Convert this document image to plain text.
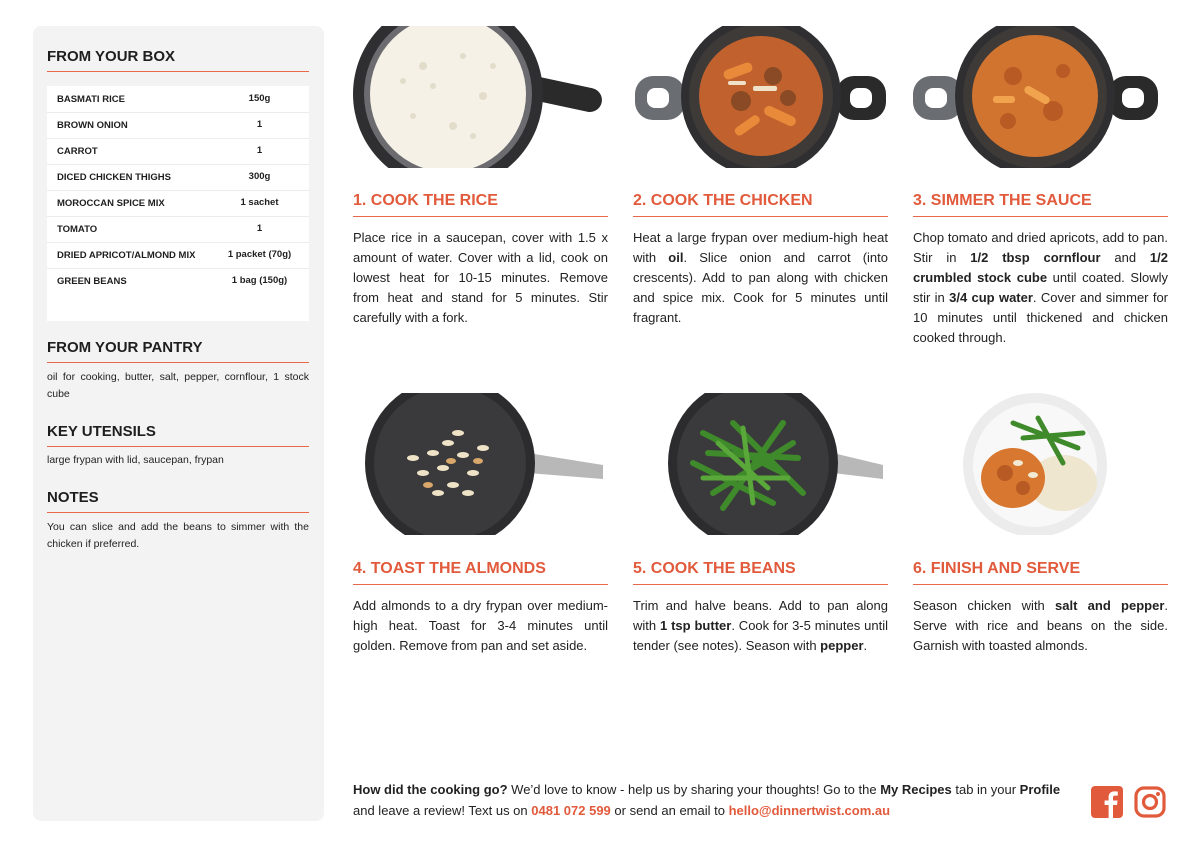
FROM YOUR BOX
BASMATI RICE	150g
BROWN ONION	1
CARROT	1
DICED CHICKEN THIGHS	300g
MOROCCAN SPICE MIX	1 sachet
TOMATO	1
DRIED APRICOT/ALMOND MIX	1 packet (70g)
GREEN BEANS	1 bag (150g)
FROM YOUR PANTRY
oil for cooking, butter, salt, pepper, cornflour, 1 stock cube
KEY UTENSILS
large frypan with lid, saucepan, frypan
NOTES
You can slice and add the beans to simmer with the chicken if preferred.
1. COOK THE RICE
Place rice in a saucepan, cover with 1.5 x amount of water. Cover with a lid, cook on lowest heat for 10-15 minutes. Remove from heat and stand for 5 minutes. Stir carefully with a fork.
2. COOK THE CHICKEN
Heat a large frypan over medium-high heat with oil. Slice onion and carrot (into crescents). Add to pan along with chicken and spice mix. Cook for 5 minutes until fragrant.
3. SIMMER THE SAUCE
Chop tomato and dried apricots, add to pan. Stir in 1/2 tbsp cornflour and 1/2 crumbled stock cube until coated. Slowly stir in 3/4 cup water. Cover and simmer for 10 minutes until thickened and chicken cooked through.
4. TOAST THE ALMONDS
Add almonds to a dry frypan over medium-high heat. Toast for 3-4 minutes until golden. Remove from pan and set aside.
5. COOK THE BEANS
Trim and halve beans. Add to pan along with 1 tsp butter. Cook for 3-5 minutes until tender (see notes). Season with pepper.
6. FINISH AND SERVE
Season chicken with salt and pepper. Serve with rice and beans on the side. Garnish with toasted almonds.
How did the cooking go? We’d love to know - help us by sharing your thoughts! Go to the My Recipes tab in your Profile and leave a review! Text us on 0481 072 599 or send an email to hello@dinnertwist.com.au
